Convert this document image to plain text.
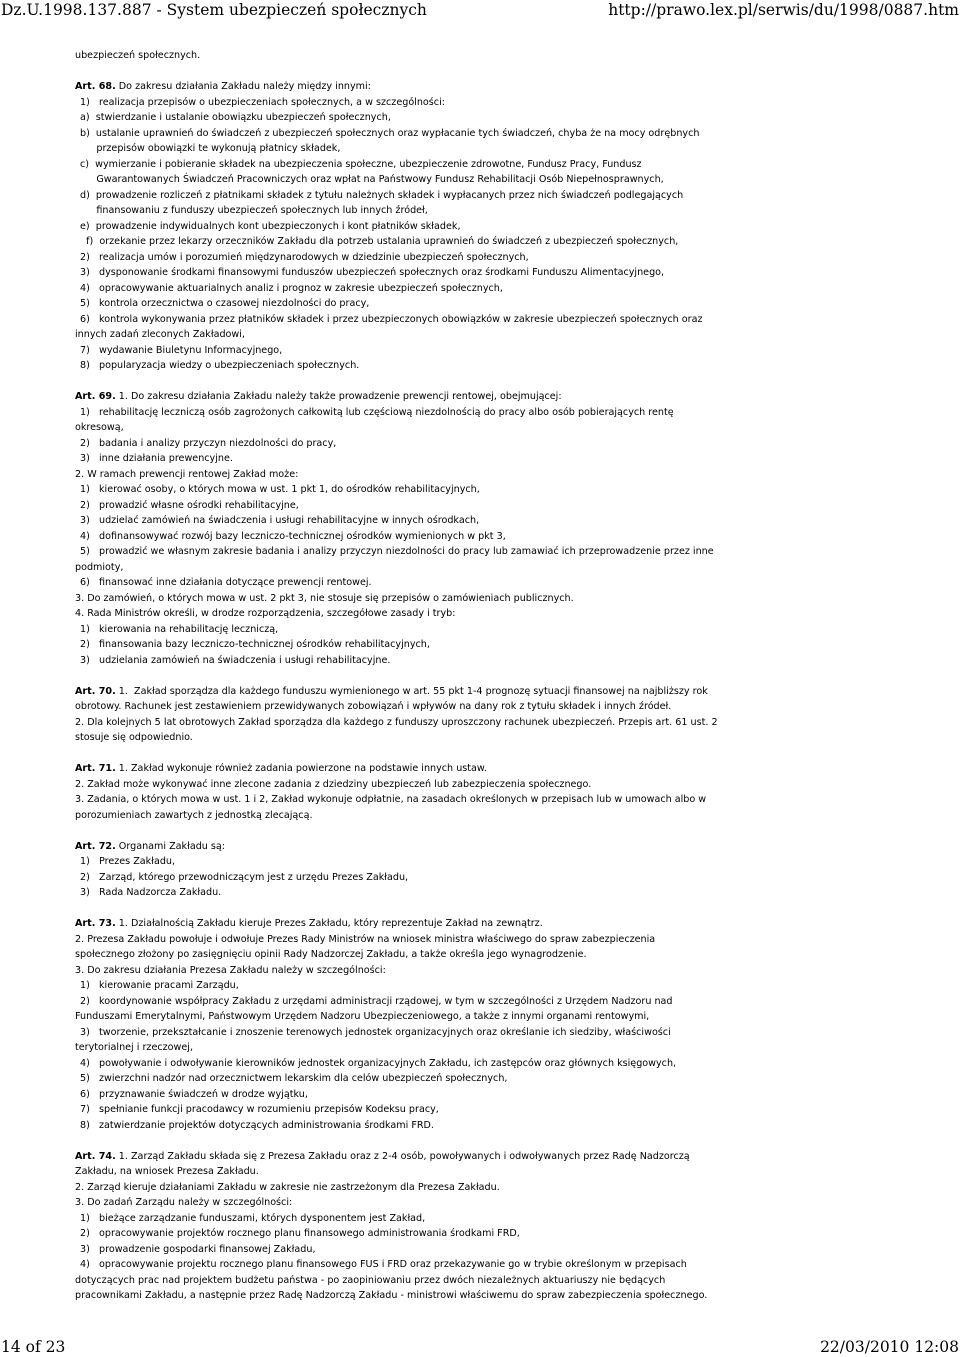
Dz.U.1998.137.887 - System ubezpieczeń społecznych	http://prawo.lex.pl/serwis/du/1998/0887.htm

ubezpieczeń społecznych.

Art. 68. Do zakresu działania Zakładu należy między innymi:

1)   realizacja przepisów o ubezpieczeniach społecznych, a w szczególności:

a)  stwierdzanie i ustalanie obowiązku ubezpieczeń społecznych,

b)  ustalanie uprawnień do świadczeń z ubezpieczeń społecznych oraz wypłacanie tych świadczeń, chyba że na mocy odrębnych

przepisów obowiązki te wykonują płatnicy składek,

c)  wymierzanie i pobieranie składek na ubezpieczenia społeczne, ubezpieczenie zdrowotne, Fundusz Pracy, Fundusz

Gwarantowanych Świadczeń Pracowniczych oraz wpłat na Państwowy Fundusz Rehabilitacji Osób Niepełnosprawnych,

d)  prowadzenie rozliczeń z płatnikami składek z tytułu należnych składek i wypłacanych przez nich świadczeń podlegających

finansowaniu z funduszy ubezpieczeń społecznych lub innych źródeł,

e)  prowadzenie indywidualnych kont ubezpieczonych i kont płatników składek,

f)  orzekanie przez lekarzy orzeczników Zakładu dla potrzeb ustalania uprawnień do świadczeń z ubezpieczeń społecznych,

2)   realizacja umów i porozumień międzynarodowych w dziedzinie ubezpieczeń społecznych,

3)   dysponowanie środkami finansowymi funduszów ubezpieczeń społecznych oraz środkami Funduszu Alimentacyjnego,

4)   opracowywanie aktuarialnych analiz i prognoz w zakresie ubezpieczeń społecznych,

5)   kontrola orzecznictwa o czasowej niezdolności do pracy,

6)   kontrola wykonywania przez płatników składek i przez ubezpieczonych obowiązków w zakresie ubezpieczeń społecznych oraz

innych zadań zleconych Zakładowi,

7)   wydawanie Biuletynu Informacyjnego,

8)   popularyzacja wiedzy o ubezpieczeniach społecznych.

Art. 69. 1. Do zakresu działania Zakładu należy także prowadzenie prewencji rentowej, obejmującej:

1)   rehabilitację leczniczą osób zagrożonych całkowitą lub częściową niezdolnością do pracy albo osób pobierających rentę

okresową,

2)   badania i analizy przyczyn niezdolności do pracy,

3)   inne działania prewencyjne.

2. W ramach prewencji rentowej Zakład może:

1)   kierować osoby, o których mowa w ust. 1 pkt 1, do ośrodków rehabilitacyjnych,

2)   prowadzić własne ośrodki rehabilitacyjne,

3)   udzielać zamówień na świadczenia i usługi rehabilitacyjne w innych ośrodkach,

4)   dofinansowywać rozwój bazy leczniczo-technicznej ośrodków wymienionych w pkt 3,

5)   prowadzić we własnym zakresie badania i analizy przyczyn niezdolności do pracy lub zamawiać ich przeprowadzenie przez inne

podmioty,

6)   finansować inne działania dotyczące prewencji rentowej.

3. Do zamówień, o których mowa w ust. 2 pkt 3, nie stosuje się przepisów o zamówieniach publicznych.

4. Rada Ministrów określi, w drodze rozporządzenia, szczegółowe zasady i tryb:

1)   kierowania na rehabilitację leczniczą,

2)   finansowania bazy leczniczo-technicznej ośrodków rehabilitacyjnych,

3)   udzielania zamówień na świadczenia i usługi rehabilitacyjne.

Art. 70. 1.  Zakład sporządza dla każdego funduszu wymienionego w art. 55 pkt 1-4 prognozę sytuacji finansowej na najbliższy rok

obrotowy. Rachunek jest zestawieniem przewidywanych zobowiązań i wpływów na dany rok z tytułu składek i innych źródeł.

2. Dla kolejnych 5 lat obrotowych Zakład sporządza dla każdego z funduszy uproszczony rachunek ubezpieczeń. Przepis art. 61 ust. 2

stosuje się odpowiednio.

Art. 71. 1. Zakład wykonuje również zadania powierzone na podstawie innych ustaw.

2. Zakład może wykonywać inne zlecone zadania z dziedziny ubezpieczeń lub zabezpieczenia społecznego.

3. Zadania, o których mowa w ust. 1 i 2, Zakład wykonuje odpłatnie, na zasadach określonych w przepisach lub w umowach albo w

porozumieniach zawartych z jednostką zlecającą.

Art. 72. Organami Zakładu są:

1)   Prezes Zakładu,

2)   Zarząd, którego przewodniczącym jest z urzędu Prezes Zakładu,

3)   Rada Nadzorcza Zakładu.

Art. 73. 1. Działalnością Zakładu kieruje Prezes Zakładu, który reprezentuje Zakład na zewnątrz.

2. Prezesa Zakładu powołuje i odwołuje Prezes Rady Ministrów na wniosek ministra właściwego do spraw zabezpieczenia

społecznego złożony po zasięgnięciu opinii Rady Nadzorczej Zakładu, a także określa jego wynagrodzenie.

3. Do zakresu działania Prezesa Zakładu należy w szczególności:

1)   kierowanie pracami Zarządu,

2)   koordynowanie współpracy Zakładu z urzędami administracji rządowej, w tym w szczególności z Urzędem Nadzoru nad

Funduszami Emerytalnymi, Państwowym Urzędem Nadzoru Ubezpieczeniowego, a także z innymi organami rentowymi,

3)   tworzenie, przekształcanie i znoszenie terenowych jednostek organizacyjnych oraz określanie ich siedziby, właściwości

terytorialnej i rzeczowej,

4)   powoływanie i odwoływanie kierowników jednostek organizacyjnych Zakładu, ich zastępców oraz głównych księgowych,

5)   zwierzchni nadzór nad orzecznictwem lekarskim dla celów ubezpieczeń społecznych,

6)   przyznawanie świadczeń w drodze wyjątku,

7)   spełnianie funkcji pracodawcy w rozumieniu przepisów Kodeksu pracy,

8)   zatwierdzanie projektów dotyczących administrowania środkami FRD.

Art. 74. 1. Zarząd Zakładu składa się z Prezesa Zakładu oraz z 2-4 osób, powoływanych i odwoływanych przez Radę Nadzorczą

Zakładu, na wniosek Prezesa Zakładu.

2. Zarząd kieruje działaniami Zakładu w zakresie nie zastrzeżonym dla Prezesa Zakładu.

3. Do zadań Zarządu należy w szczególności:

1)   bieżące zarządzanie funduszami, których dysponentem jest Zakład,

2)   opracowywanie projektów rocznego planu finansowego administrowania środkami FRD,

3)   prowadzenie gospodarki finansowej Zakładu,

4)   opracowywanie projektu rocznego planu finansowego FUS i FRD oraz przekazywanie go w trybie określonym w przepisach

dotyczących prac nad projektem budżetu państwa - po zaopiniowaniu przez dwóch niezależnych aktuariuszy nie będących

pracownikami Zakładu, a następnie przez Radę Nadzorczą Zakładu - ministrowi właściwemu do spraw zabezpieczenia społecznego.

14 of 23	22/03/2010 12:08
